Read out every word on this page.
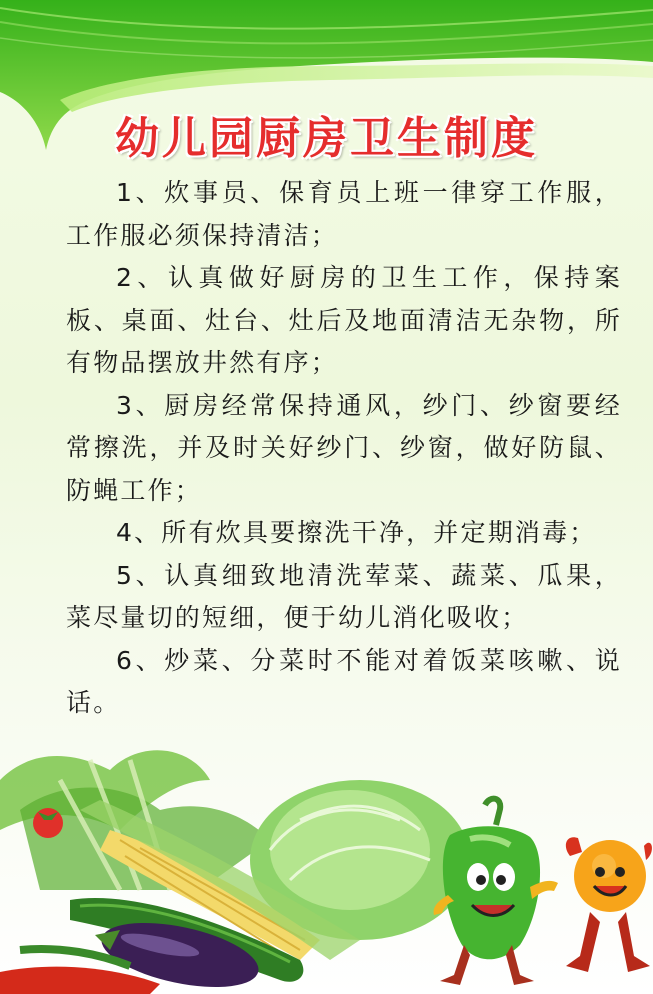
幼儿园厨房卫生制度

1、炊事员、保育员上班一律穿工作服，工作服必须保持清洁；

2、认真做好厨房的卫生工作，保持案板、桌面、灶台、灶后及地面清洁无杂物，所有物品摆放井然有序；

3、厨房经常保持通风，纱门、纱窗要经常擦洗，并及时关好纱门、纱窗，做好防鼠、防蝇工作；

4、所有炊具要擦洗干净，并定期消毒；

5、认真细致地清洗荤菜、蔬菜、瓜果，菜尽量切的短细，便于幼儿消化吸收；

6、炒菜、分菜时不能对着饭菜咳嗽、说话。
